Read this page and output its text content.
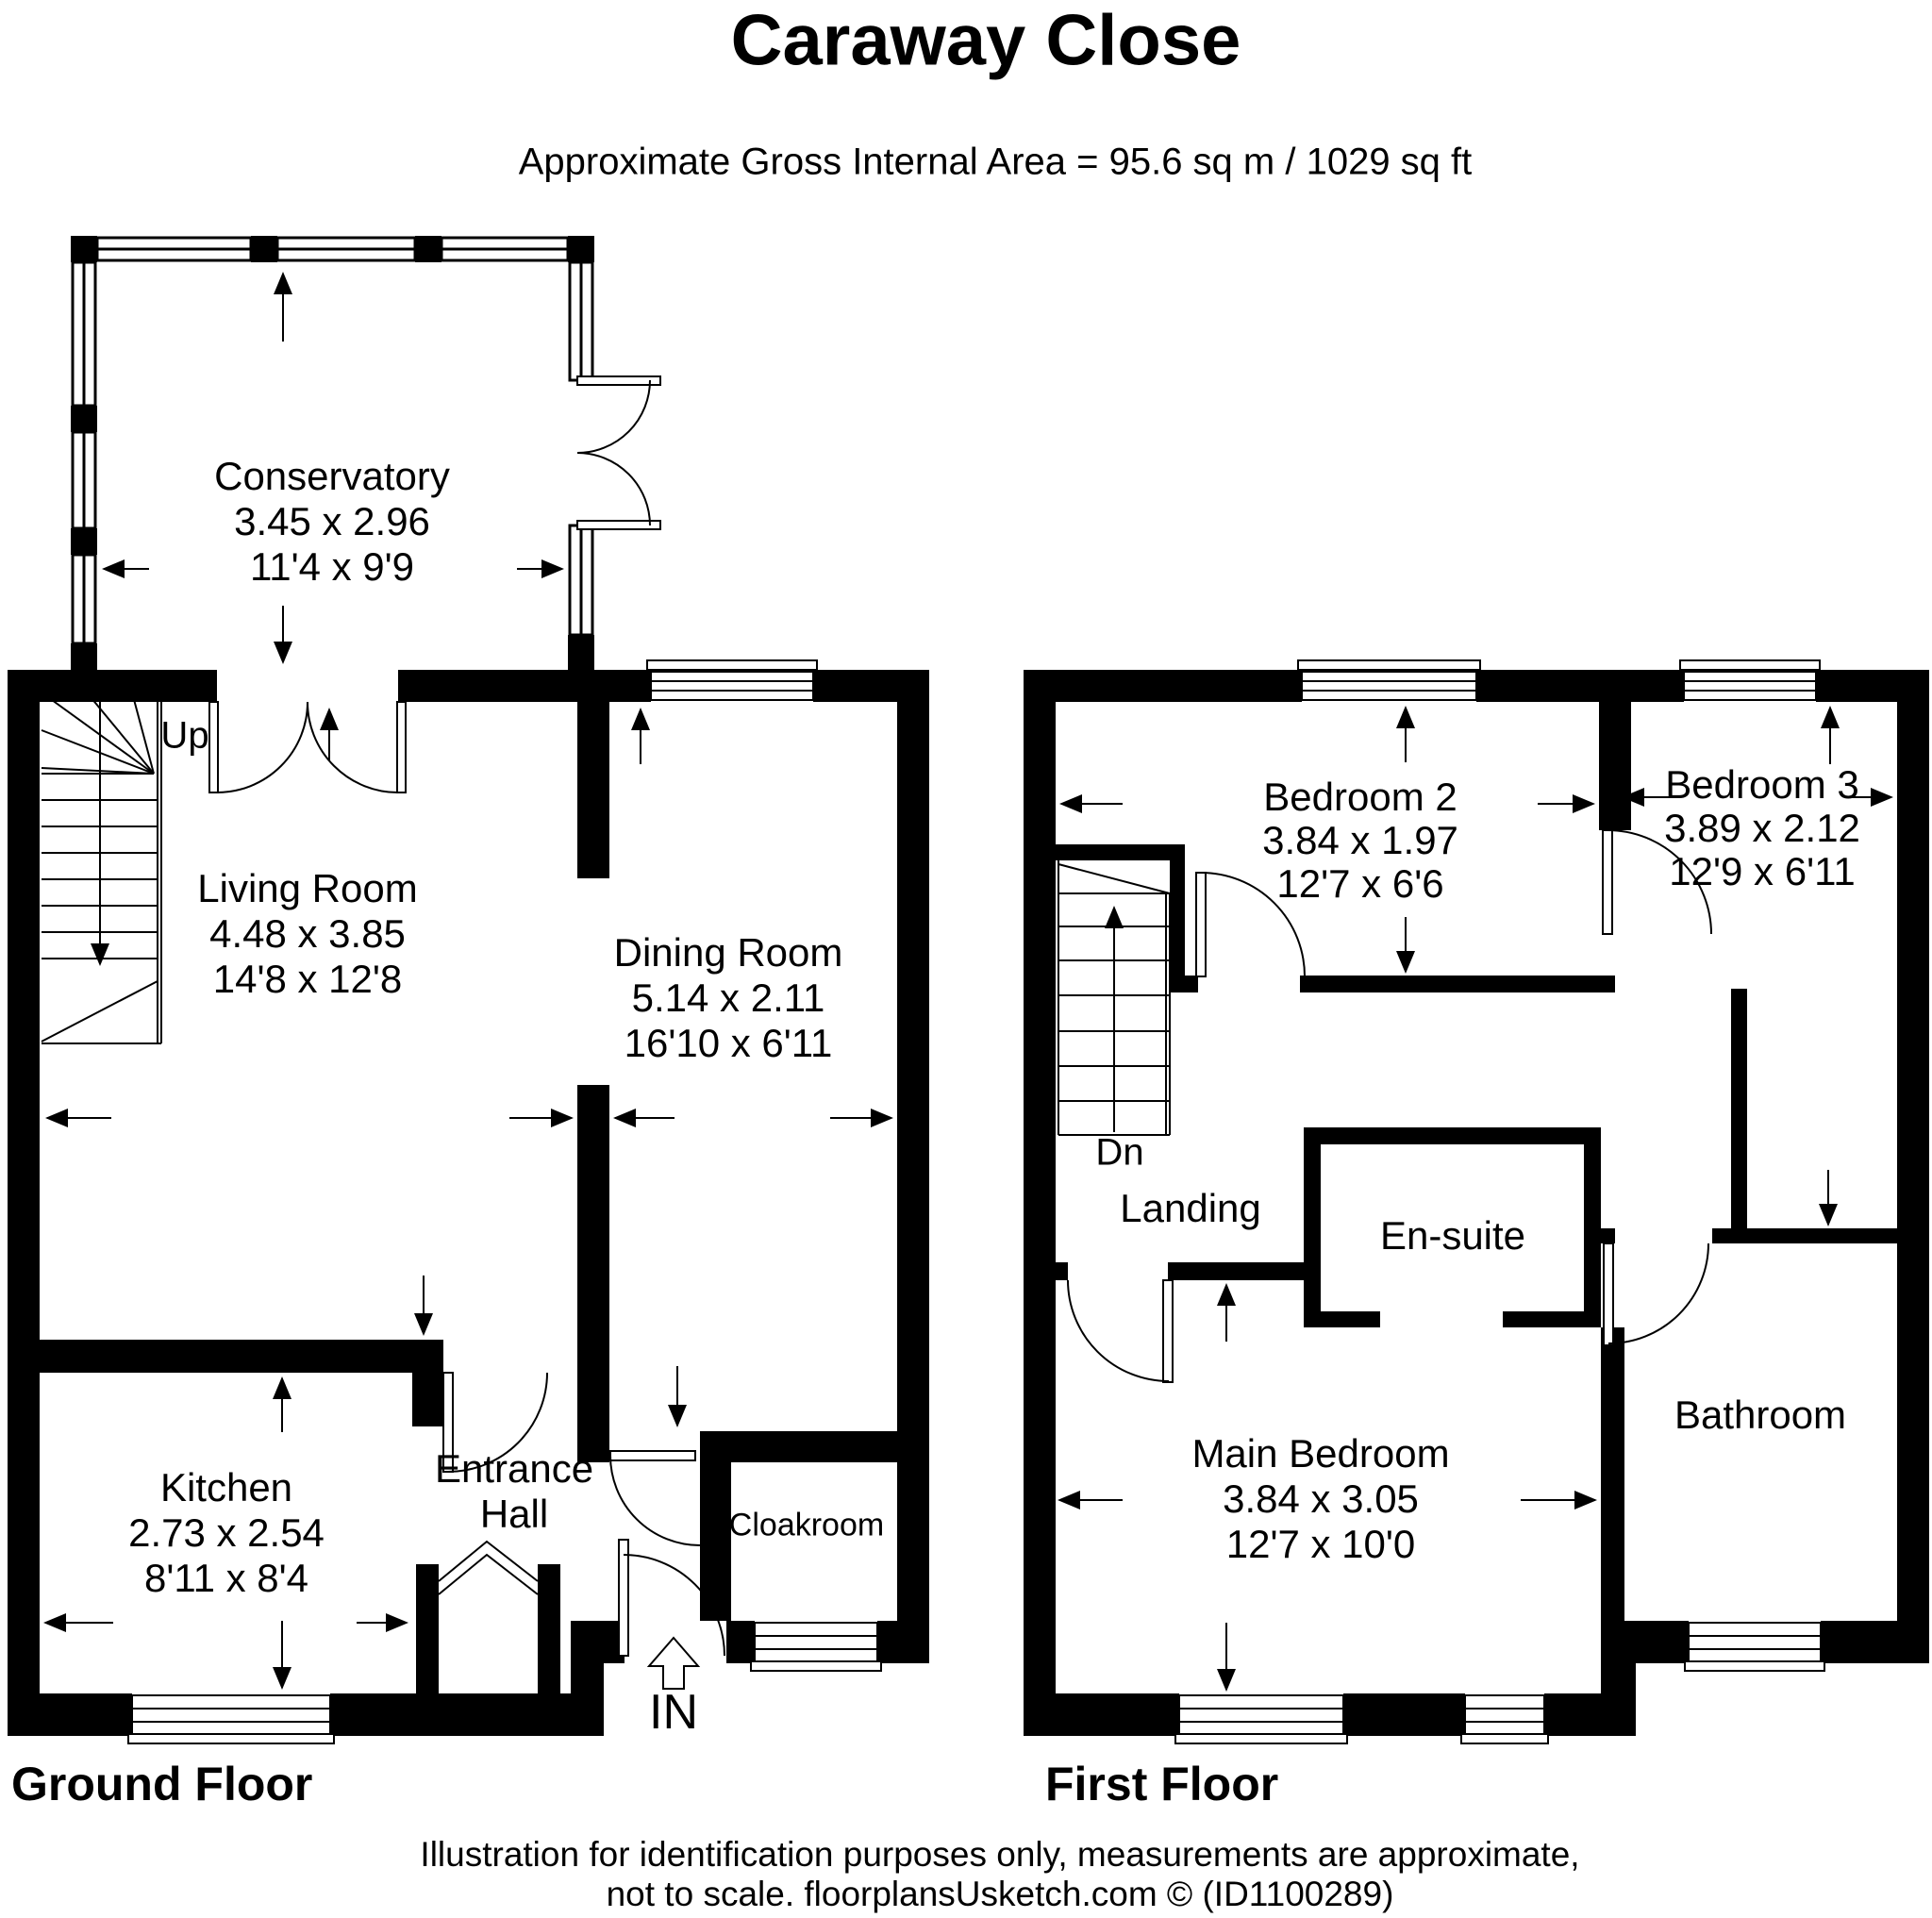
Caraway Close
Approximate Gross Internal Area = 95.6 sq m / 1029 sq ft
Conservatory
3.45 x 2.96
11'4 x 9'9
Living Room
4.48 x 3.85
14'8 x 12'8
Dining Room
5.14 x 2.11
16'10 x 6'11
Kitchen
2.73 x 2.54
8'11 x 8'4
Entrance
Hall	Cloakroom
Up
IN
Bedroom 2
3.84 x 1.97
12'7 x 6'6
Bedroom 3
3.89 x 2.12
12'9 x 6'11
Dn
Landing
En-suite
Main Bedroom
3.84 x 3.05
12'7 x 10'0
Bathroom
Ground Floor	First Floor
Illustration for identification purposes only, measurements are approximate,
not to scale. floorplansUsketch.com © (ID1100289)
